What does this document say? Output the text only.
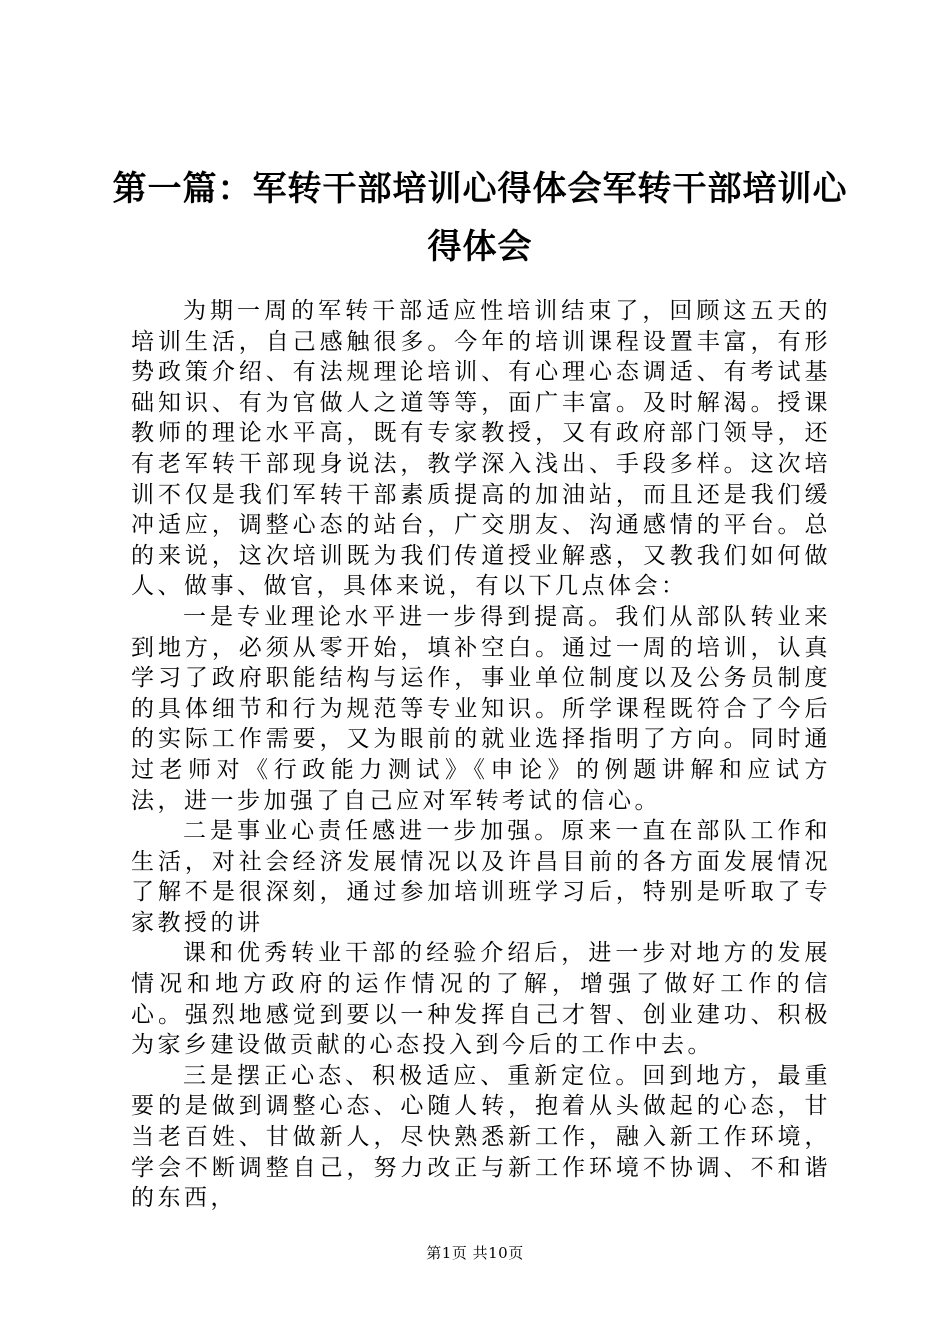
第一篇：军转干部培训心得体会军转干部培训心得体会

为期一周的军转干部适应性培训结束了，回顾这五天的培训生活，自己感触很多。今年的培训课程设置丰富，有形势政策介绍、有法规理论培训、有心理心态调适、有考试基础知识、有为官做人之道等等，面广丰富。及时解渴。授课教师的理论水平高，既有专家教授，又有政府部门领导，还有老军转干部现身说法，教学深入浅出、手段多样。这次培训不仅是我们军转干部素质提高的加油站，而且还是我们缓冲适应，调整心态的站台，广交朋友、沟通感情的平台。总的来说，这次培训既为我们传道授业解惑，又教我们如何做人、做事、做官，具体来说，有以下几点体会：

一是专业理论水平进一步得到提高。我们从部队转业来到地方，必须从零开始，填补空白。通过一周的培训，认真学习了政府职能结构与运作，事业单位制度以及公务员制度的具体细节和行为规范等专业知识。所学课程既符合了今后的实际工作需要，又为眼前的就业选择指明了方向。同时通过老师对《行政能力测试》《申论》的例题讲解和应试方法，进一步加强了自己应对军转考试的信心。

二是事业心责任感进一步加强。原来一直在部队工作和生活，对社会经济发展情况以及许昌目前的各方面发展情况了解不是很深刻，通过参加培训班学习后，特别是听取了专家教授的讲

课和优秀转业干部的经验介绍后，进一步对地方的发展情况和地方政府的运作情况的了解，增强了做好工作的信心。强烈地感觉到要以一种发挥自己才智、创业建功、积极为家乡建设做贡献的心态投入到今后的工作中去。

三是摆正心态、积极适应、重新定位。回到地方，最重要的是做到调整心态、心随人转，抱着从头做起的心态，甘当老百姓、甘做新人，尽快熟悉新工作，融入新工作环境，学会不断调整自己，努力改正与新工作环境不协调、不和谐的东西，

第1页 共10页
